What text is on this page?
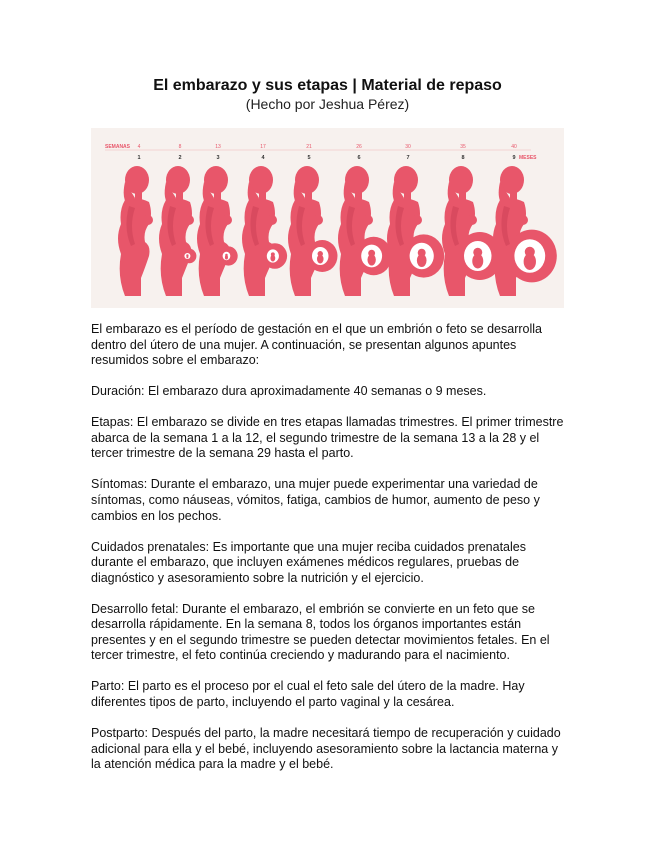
El embarazo y sus etapas | Material de repaso
(Hecho por Jeshua Pérez)
SEMANAS 4	8	13	17	21	26	30	35	40
1	2	3	4	5	6	7	8	9 MESES

El embarazo es el período de gestación en el que un embrión o feto se desarrolla dentro del útero de una mujer. A continuación, se presentan algunos apuntes resumidos sobre el embarazo:

Duración: El embarazo dura aproximadamente 40 semanas o 9 meses.

Etapas: El embarazo se divide en tres etapas llamadas trimestres. El primer trimestre abarca de la semana 1 a la 12, el segundo trimestre de la semana 13 a la 28 y el tercer trimestre de la semana 29 hasta el parto.

Síntomas: Durante el embarazo, una mujer puede experimentar una variedad de síntomas, como náuseas, vómitos, fatiga, cambios de humor, aumento de peso y cambios en los pechos.

Cuidados prenatales: Es importante que una mujer reciba cuidados prenatales durante el embarazo, que incluyen exámenes médicos regulares, pruebas de diagnóstico y asesoramiento sobre la nutrición y el ejercicio.

Desarrollo fetal: Durante el embarazo, el embrión se convierte en un feto que se desarrolla rápidamente. En la semana 8, todos los órganos importantes están presentes y en el segundo trimestre se pueden detectar movimientos fetales. En el tercer trimestre, el feto continúa creciendo y madurando para el nacimiento.

Parto: El parto es el proceso por el cual el feto sale del útero de la madre. Hay diferentes tipos de parto, incluyendo el parto vaginal y la cesárea.

Postparto: Después del parto, la madre necesitará tiempo de recuperación y cuidado adicional para ella y el bebé, incluyendo asesoramiento sobre la lactancia materna y la atención médica para la madre y el bebé.
